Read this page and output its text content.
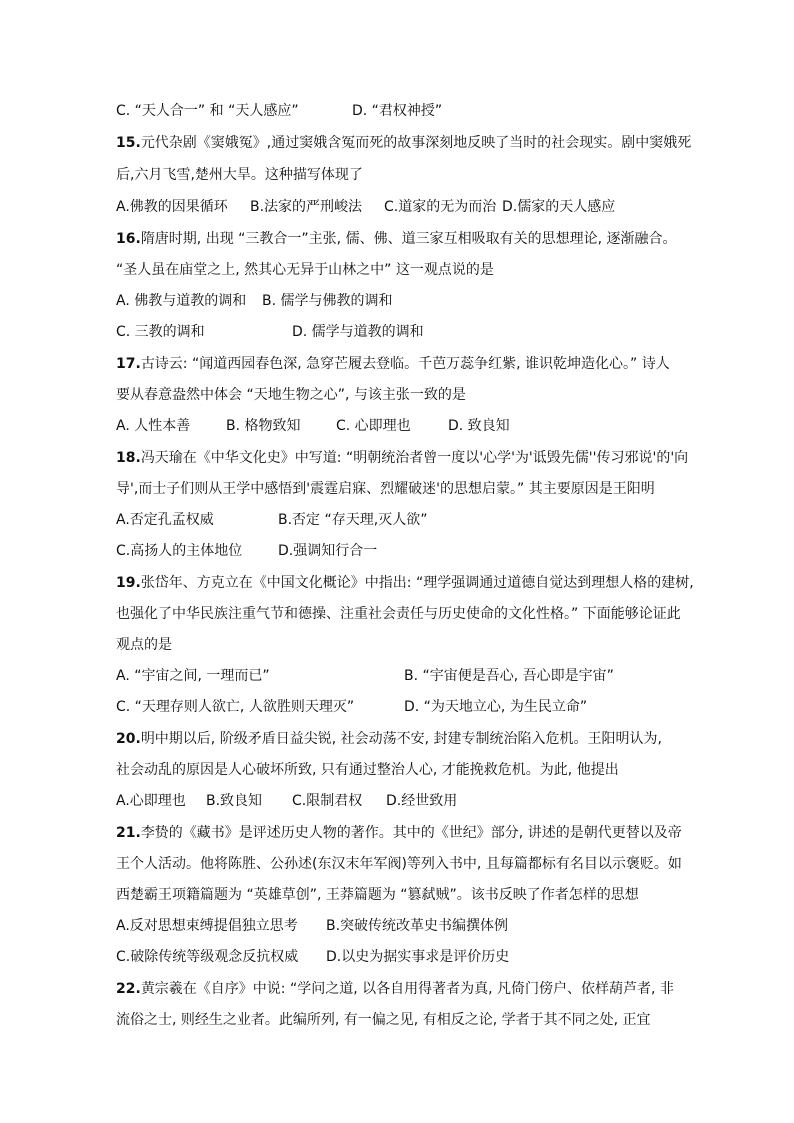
C. “天人合一” 和 “天人感应”	D. “君权神授”
15.元代杂剧《窦娥冤》,通过窦娥含冤而死的故事深刻地反映了当时的社会现实。剧中窦娥死
后,六月飞雪,楚州大旱。这种描写体现了
A.佛教的因果循环 B.法家的严刑峻法 C.道家的无为而治 D.儒家的天人感应
16.隋唐时期, 出现 “三教合一”主张, 儒、佛、道三家互相吸取有关的思想理论, 逐渐融合。
“圣人虽在庙堂之上, 然其心无异于山林之中” 这一观点说的是
A. 佛教与道教的调和 B. 儒学与佛教的调和
C. 三教的调和	D. 儒学与道教的调和
17.古诗云: “闻道西园春色深, 急穿芒履去登临。千芭万蕊争红紫, 谁识乾坤造化心。” 诗人
要从春意盎然中体会 “天地生物之心”, 与该主张一致的是
A. 人性本善	B. 格物致知	C. 心即理也	D. 致良知
18.冯天瑜在《中华文化史》中写道: “明朝统治者曾一度以'心学'为'诋毁先儒''传习邪说'的'向
导',而士子们则从王学中感悟到'震霆启寐、烈耀破迷'的思想启蒙。” 其主要原因是王阳明
A.否定孔孟权威	B.否定 “存天理,灭人欲”
C.高扬人的主体地位	D.强调知行合一
19.张岱年、方克立在《中国文化概论》中指出: “理学强调通过道德自觉达到理想人格的建树,
也强化了中华民族注重气节和德操、注重社会责任与历史使命的文化性格。” 下面能够论证此
观点的是
A. “宇宙之间, 一理而已”	B. “宇宙便是吾心, 吾心即是宇宙”
C. “天理存则人欲亡, 人欲胜则天理灭”	D. “为天地立心, 为生民立命”
20.明中期以后, 阶级矛盾日益尖锐, 社会动荡不安, 封建专制统治陷入危机。王阳明认为,
社会动乱的原因是人心破坏所致, 只有通过整治人心, 才能挽救危机。为此, 他提出
A.心即理也 B.致良知 C.限制君权 D.经世致用
21.李贽的《藏书》是评述历史人物的著作。其中的《世纪》部分, 讲述的是朝代更替以及帝
王个人活动。他将陈胜、公孙述(东汉末年军阀)等列入书中, 且每篇都标有名目以示褒贬。如
西楚霸王项籍篇题为 “英雄草创”, 王莽篇题为 “篡弑贼”。该书反映了作者怎样的思想
A.反对思想束缚提倡独立思考 B.突破传统改革史书编撰体例
C.破除传统等级观念反抗权威 D.以史为据实事求是评价历史
22.黄宗羲在《自序》中说: “学问之道, 以各自用得著者为真, 凡倚门傍户、依样葫芦者, 非
流俗之士, 则经生之业者。此编所列, 有一偏之见, 有相反之论, 学者于其不同之处, 正宜
